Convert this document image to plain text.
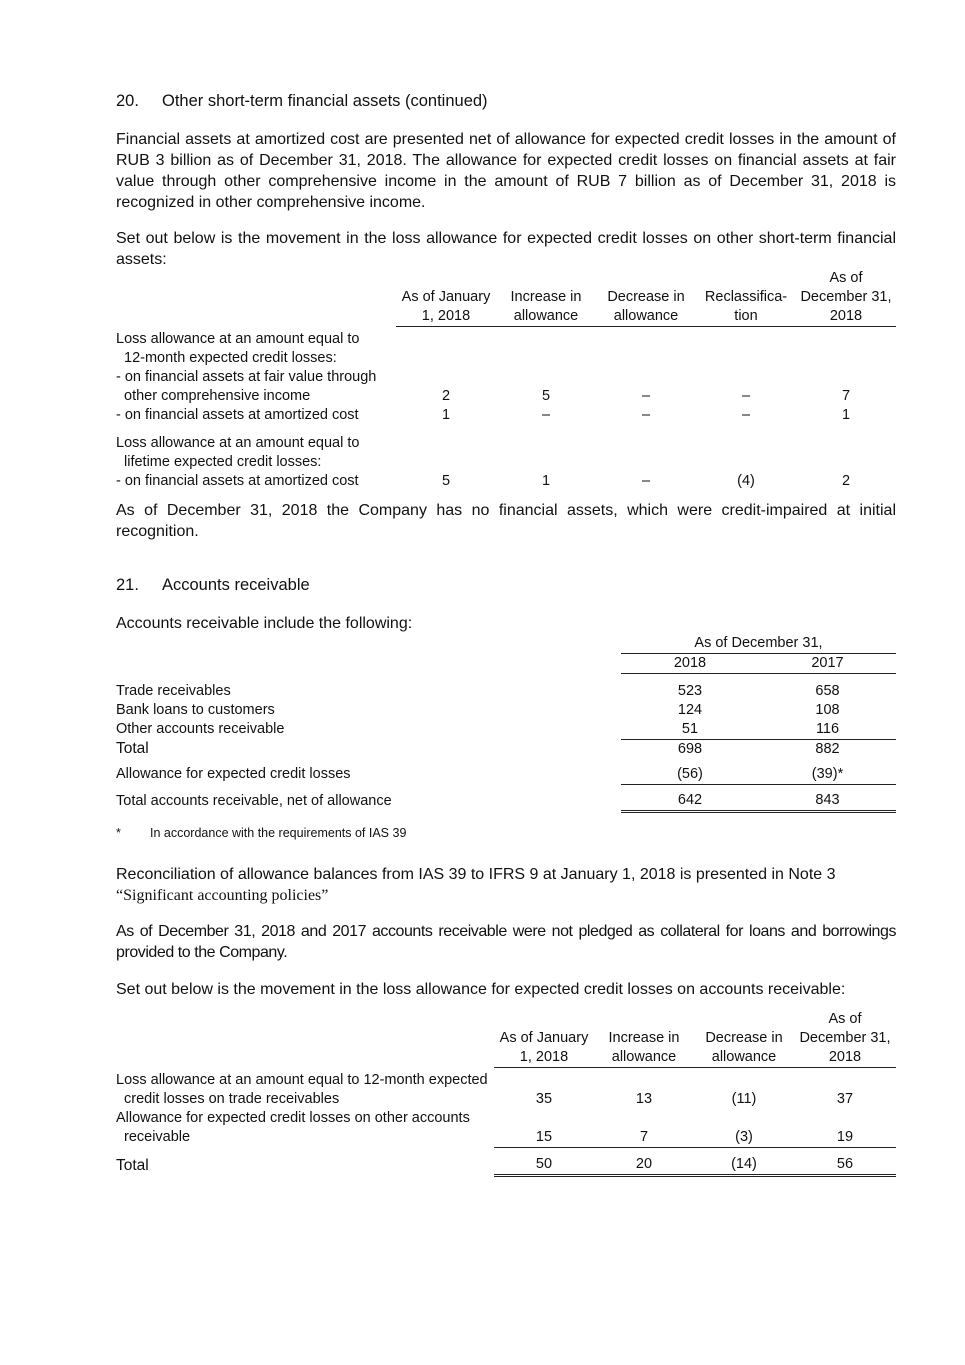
20. Other short-term financial assets (continued)

Financial assets at amortized cost are presented net of allowance for expected credit losses in the amount of RUB 3 billion as of December 31, 2018. The allowance for expected credit losses on financial assets at fair value through other comprehensive income in the amount of RUB 7 billion as of December 31, 2018 is recognized in other comprehensive income.

Set out below is the movement in the loss allowance for expected credit losses on other short-term financial assets:

	As of January 1, 2018	Increase in allowance	Decrease in allowance	Reclassifica-tion	As of December 31, 2018

Loss allowance at an amount equal to					
12-month expected credit losses:					
- on financial assets at fair value through					
other comprehensive income	2	5	–	–	7
- on financial assets at amortized cost	1	–	–	–	1

Loss allowance at an amount equal to					
lifetime expected credit losses:					
- on financial assets at amortized cost	5	1	–	(4)	2

As of December 31, 2018 the Company has no financial assets, which were credit-impaired at initial recognition.

21. Accounts receivable

Accounts receivable include the following:

	As of December 31,	
	2018	2017

Trade receivables	523	658
Bank loans to customers	124	108
Other accounts receivable	51	116
Total	698	882

Allowance for expected credit losses	(56)	(39)*

Total accounts receivable, net of allowance	642	843
* In accordance with the requirements of IAS 39
Reconciliation of allowance balances from IAS 39 to IFRS 9 at January 1, 2018 is presented in Note 3
“Significant accounting policies”

As of December 31, 2018 and 2017 accounts receivable were not pledged as collateral for loans and borrowings provided to the Company.

Set out below is the movement in the loss allowance for expected credit losses on accounts receivable:

	As of January 1, 2018	Increase in allowance	Decrease in allowance	As of December 31, 2018

Loss allowance at an amount equal to 12-month expected				
credit losses on trade receivables	35	13	(11)	37
Allowance for expected credit losses on other accounts				
receivable	15	7	(3)	19

Total	50	20	(14)	56
